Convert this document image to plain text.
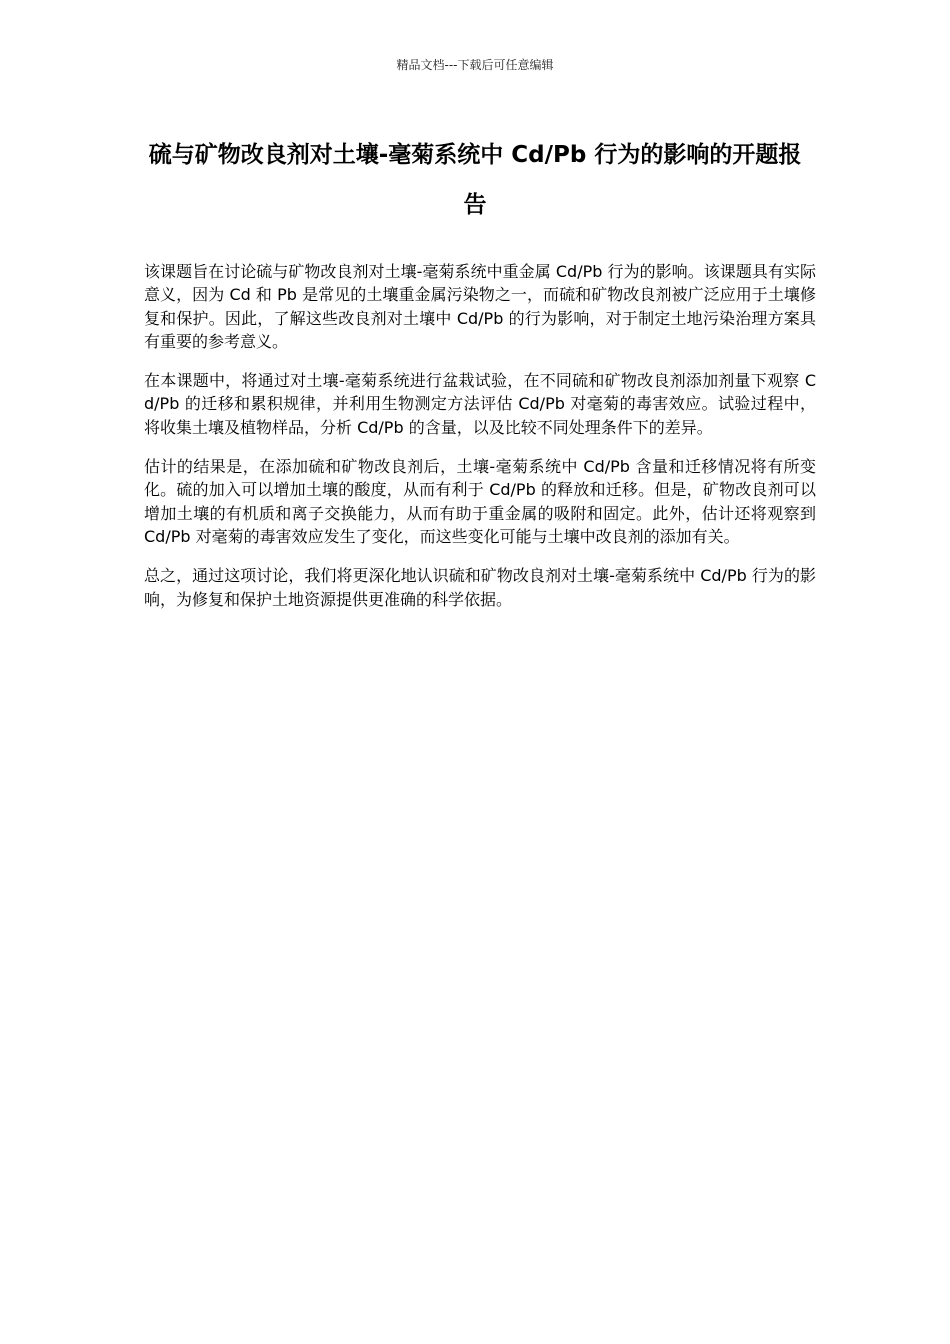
精品文档---下载后可任意编辑
硫与矿物改良剂对土壤-毫菊系统中 Cd/Pb 行为的影响的开题报告

该课题旨在讨论硫与矿物改良剂对土壤-毫菊系统中重金属 Cd/Pb 行为的影响。该课题具有实际意义，因为 Cd 和 Pb 是常见的土壤重金属污染物之一，而硫和矿物改良剂被广泛应用于土壤修复和保护。因此，了解这些改良剂对土壤中 Cd/Pb 的行为影响，对于制定土地污染治理方案具有重要的参考意义。

在本课题中，将通过对土壤-毫菊系统进行盆栽试验，在不同硫和矿物改良剂添加剂量下观察 Cd/Pb 的迁移和累积规律，并利用生物测定方法评估 Cd/Pb 对毫菊的毒害效应。试验过程中，将收集土壤及植物样品，分析 Cd/Pb 的含量，以及比较不同处理条件下的差异。

估计的结果是，在添加硫和矿物改良剂后，土壤-毫菊系统中 Cd/Pb 含量和迁移情况将有所变化。硫的加入可以增加土壤的酸度，从而有利于 Cd/Pb 的释放和迁移。但是，矿物改良剂可以增加土壤的有机质和离子交换能力，从而有助于重金属的吸附和固定。此外，估计还将观察到 Cd/Pb 对毫菊的毒害效应发生了变化，而这些变化可能与土壤中改良剂的添加有关。

总之，通过这项讨论，我们将更深化地认识硫和矿物改良剂对土壤-毫菊系统中 Cd/Pb 行为的影响，为修复和保护土地资源提供更准确的科学依据。
